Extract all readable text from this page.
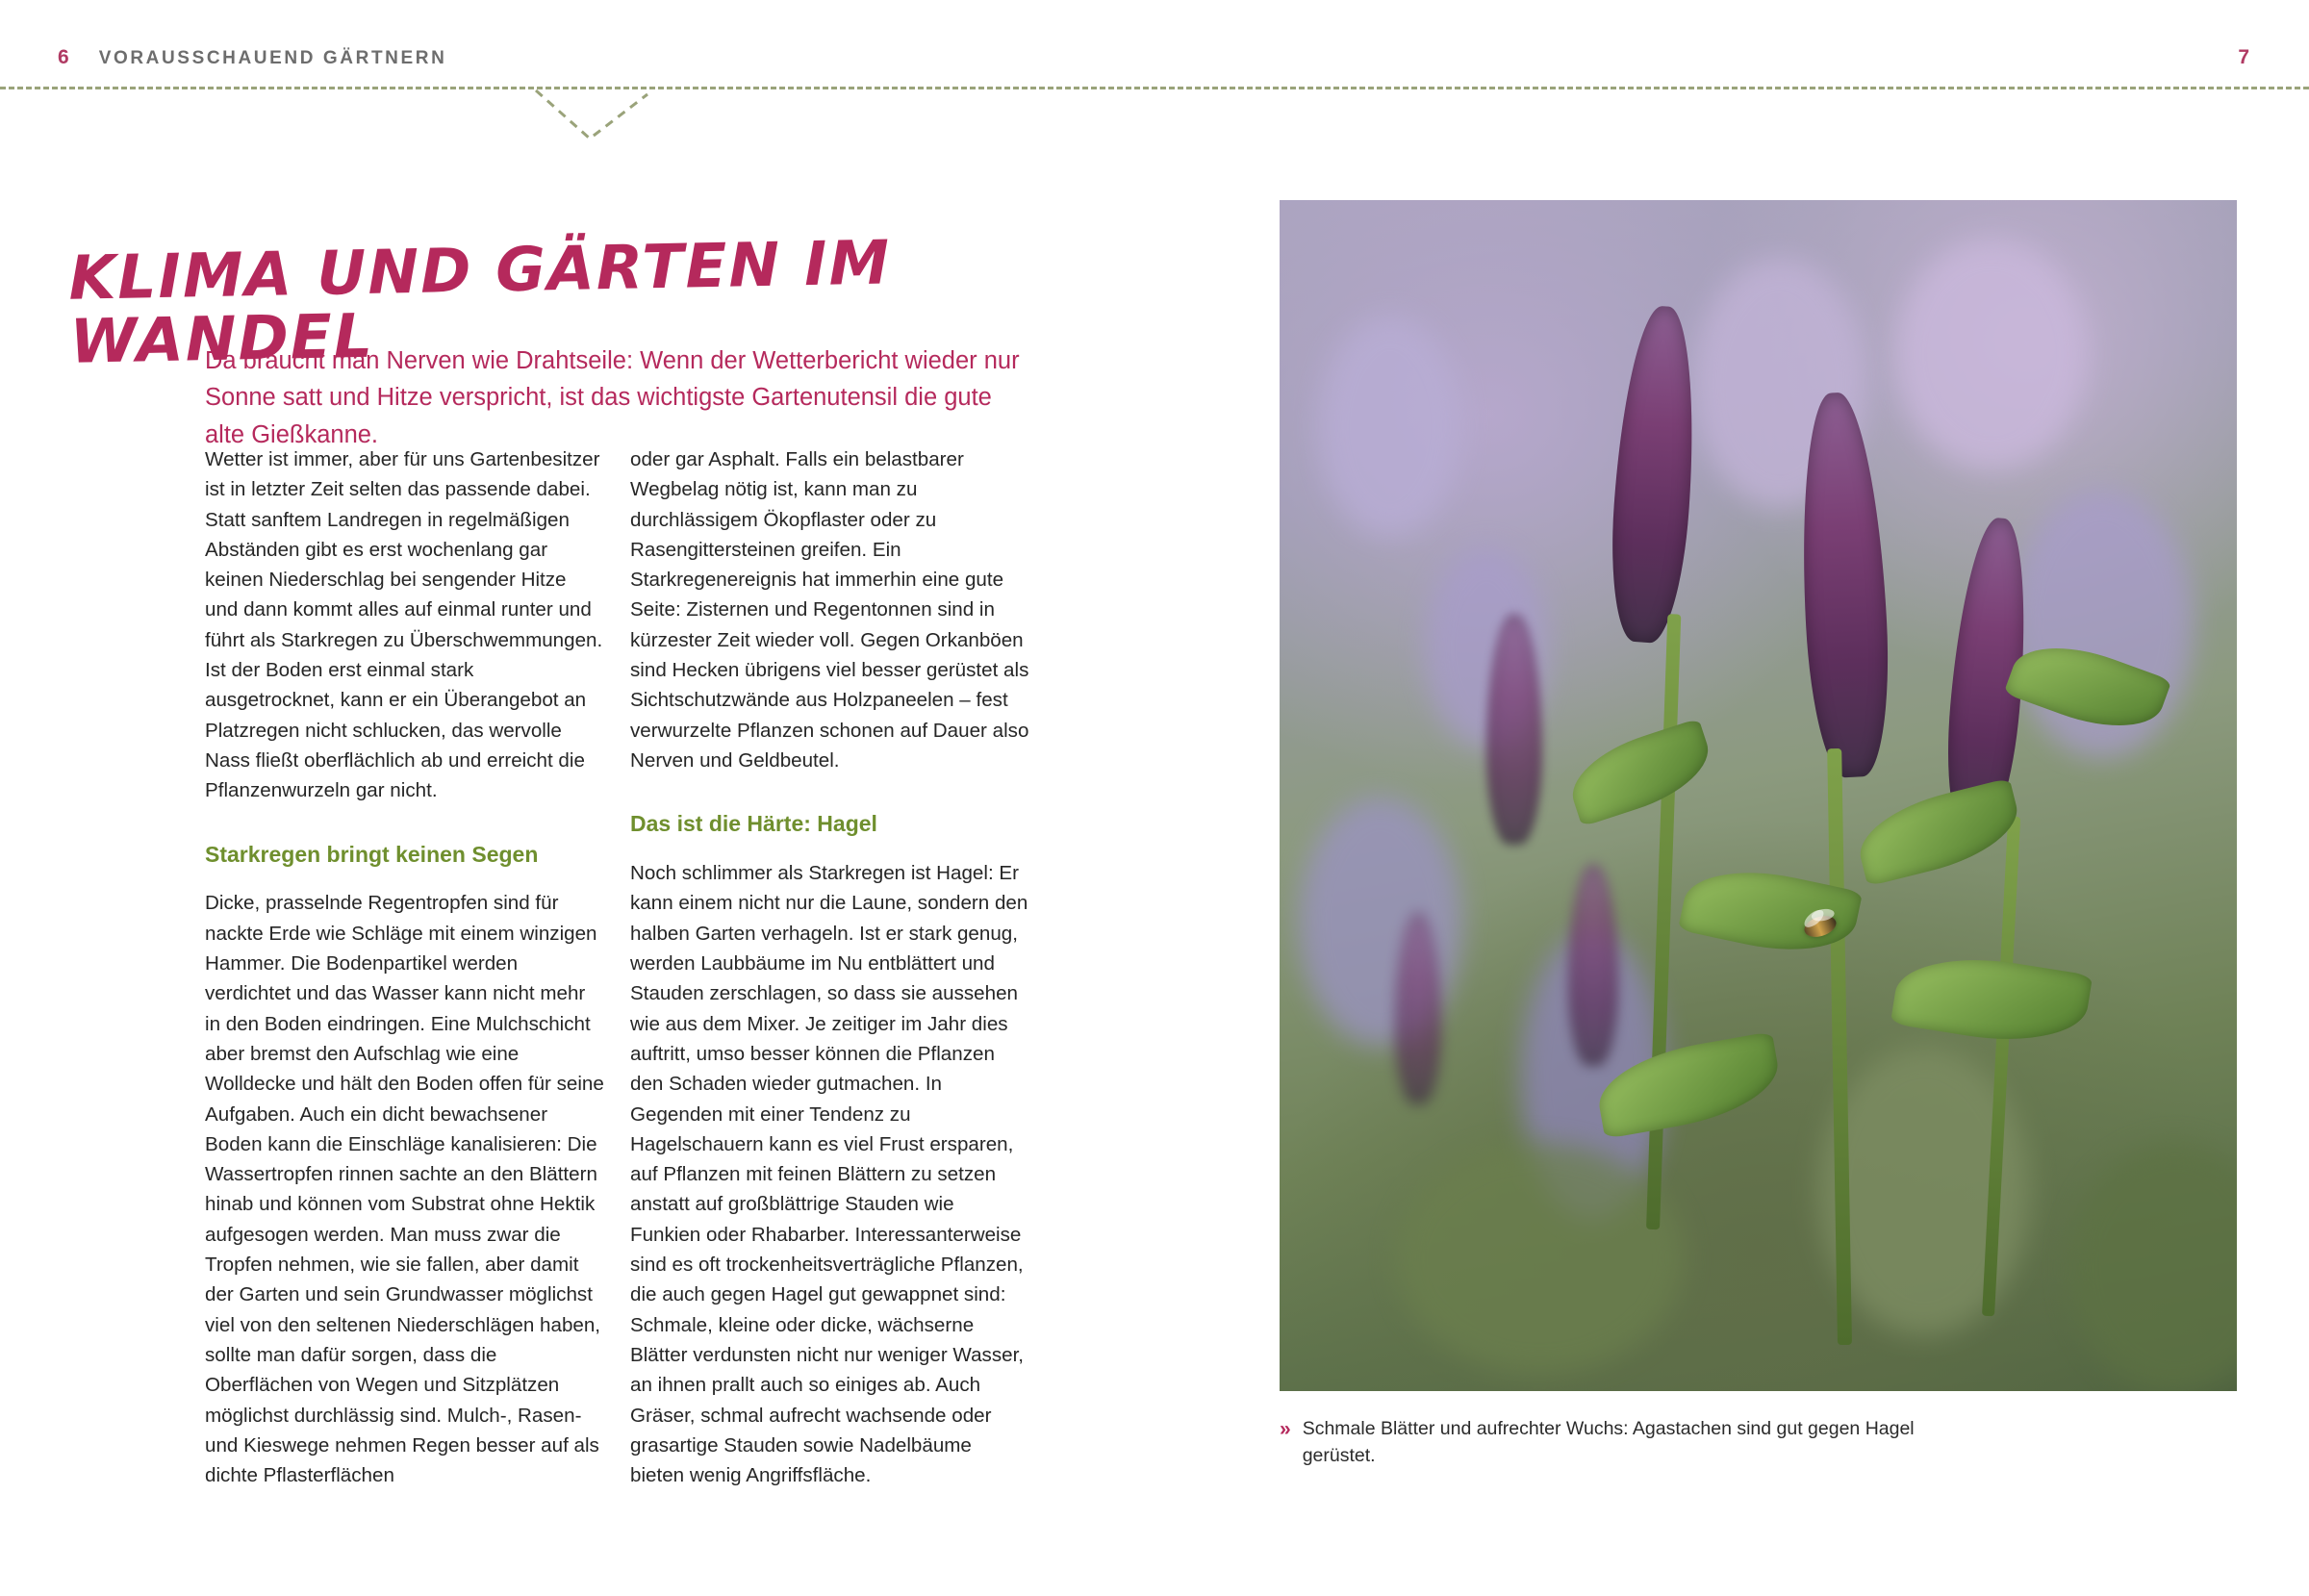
6 VORAUSSCHAUEND GÄRTNERN	7
KLIMA UND GÄRTEN IM WANDEL

Da braucht man Nerven wie Drahtseile: Wenn der Wetterbericht wieder nur Sonne satt und Hitze verspricht, ist das wichtigste Gartenutensil die gute alte Gießkanne.

Wetter ist immer, aber für uns Gartenbesitzer ist in letzter Zeit selten das passende dabei. Statt sanftem Landregen in regelmäßigen Abständen gibt es erst wochenlang gar keinen Niederschlag bei sengender Hitze und dann kommt alles auf einmal runter und führt als Starkregen zu Überschwemmungen. Ist der Boden erst einmal stark ausgetrocknet, kann er ein Überangebot an Platzregen nicht schlucken, das wervolle Nass fließt oberflächlich ab und erreicht die Pflanzenwurzeln gar nicht.

Starkregen bringt keinen Segen

Dicke, prasselnde Regentropfen sind für nackte Erde wie Schläge mit einem winzigen Hammer. Die Bodenpartikel werden verdichtet und das Wasser kann nicht mehr in den Boden eindringen. Eine Mulchschicht aber bremst den Aufschlag wie eine Wolldecke und hält den Boden offen für seine Aufgaben. Auch ein dicht bewachsener Boden kann die Einschläge kanalisieren: Die Wassertropfen rinnen sachte an den Blättern hinab und können vom Substrat ohne Hektik aufgesogen werden. Man muss zwar die Tropfen nehmen, wie sie fallen, aber damit der Garten und sein Grundwasser möglichst viel von den seltenen Niederschlägen haben, sollte man dafür sorgen, dass die Oberflächen von Wegen und Sitzplätzen möglichst durchlässig sind. Mulch-, Rasen- und Kieswege nehmen Regen besser auf als dichte Pflasterflächen

oder gar Asphalt. Falls ein belastbarer Wegbelag nötig ist, kann man zu durchlässigem Ökopflaster oder zu Rasengittersteinen greifen. Ein Starkregenereignis hat immerhin eine gute Seite: Zisternen und Regentonnen sind in kürzester Zeit wieder voll. Gegen Orkanböen sind Hecken übrigens viel besser gerüstet als Sichtschutzwände aus Holzpaneelen – fest verwurzelte Pflanzen schonen auf Dauer also Nerven und Geldbeutel.

Das ist die Härte: Hagel

Noch schlimmer als Starkregen ist Hagel: Er kann einem nicht nur die Laune, sondern den halben Garten verhageln. Ist er stark genug, werden Laubbäume im Nu entblättert und Stauden zerschlagen, so dass sie aussehen wie aus dem Mixer. Je zeitiger im Jahr dies auftritt, umso besser können die Pflanzen den Schaden wieder gutmachen. In Gegenden mit einer Tendenz zu Hagelschauern kann es viel Frust ersparen, auf Pflanzen mit feinen Blättern zu setzen anstatt auf großblättrige Stauden wie Funkien oder Rhabarber. Interessanterweise sind es oft trockenheitsverträgliche Pflanzen, die auch gegen Hagel gut gewappnet sind: Schmale, kleine oder dicke, wächserne Blätter verdunsten nicht nur weniger Wasser, an ihnen prallt auch so einiges ab. Auch Gräser, schmal aufrecht wachsende oder grasartige Stauden sowie Nadelbäume bieten wenig Angriffsfläche.

» Schmale Blätter und aufrechter Wuchs: Agastachen sind gut gegen Hagel gerüstet.
